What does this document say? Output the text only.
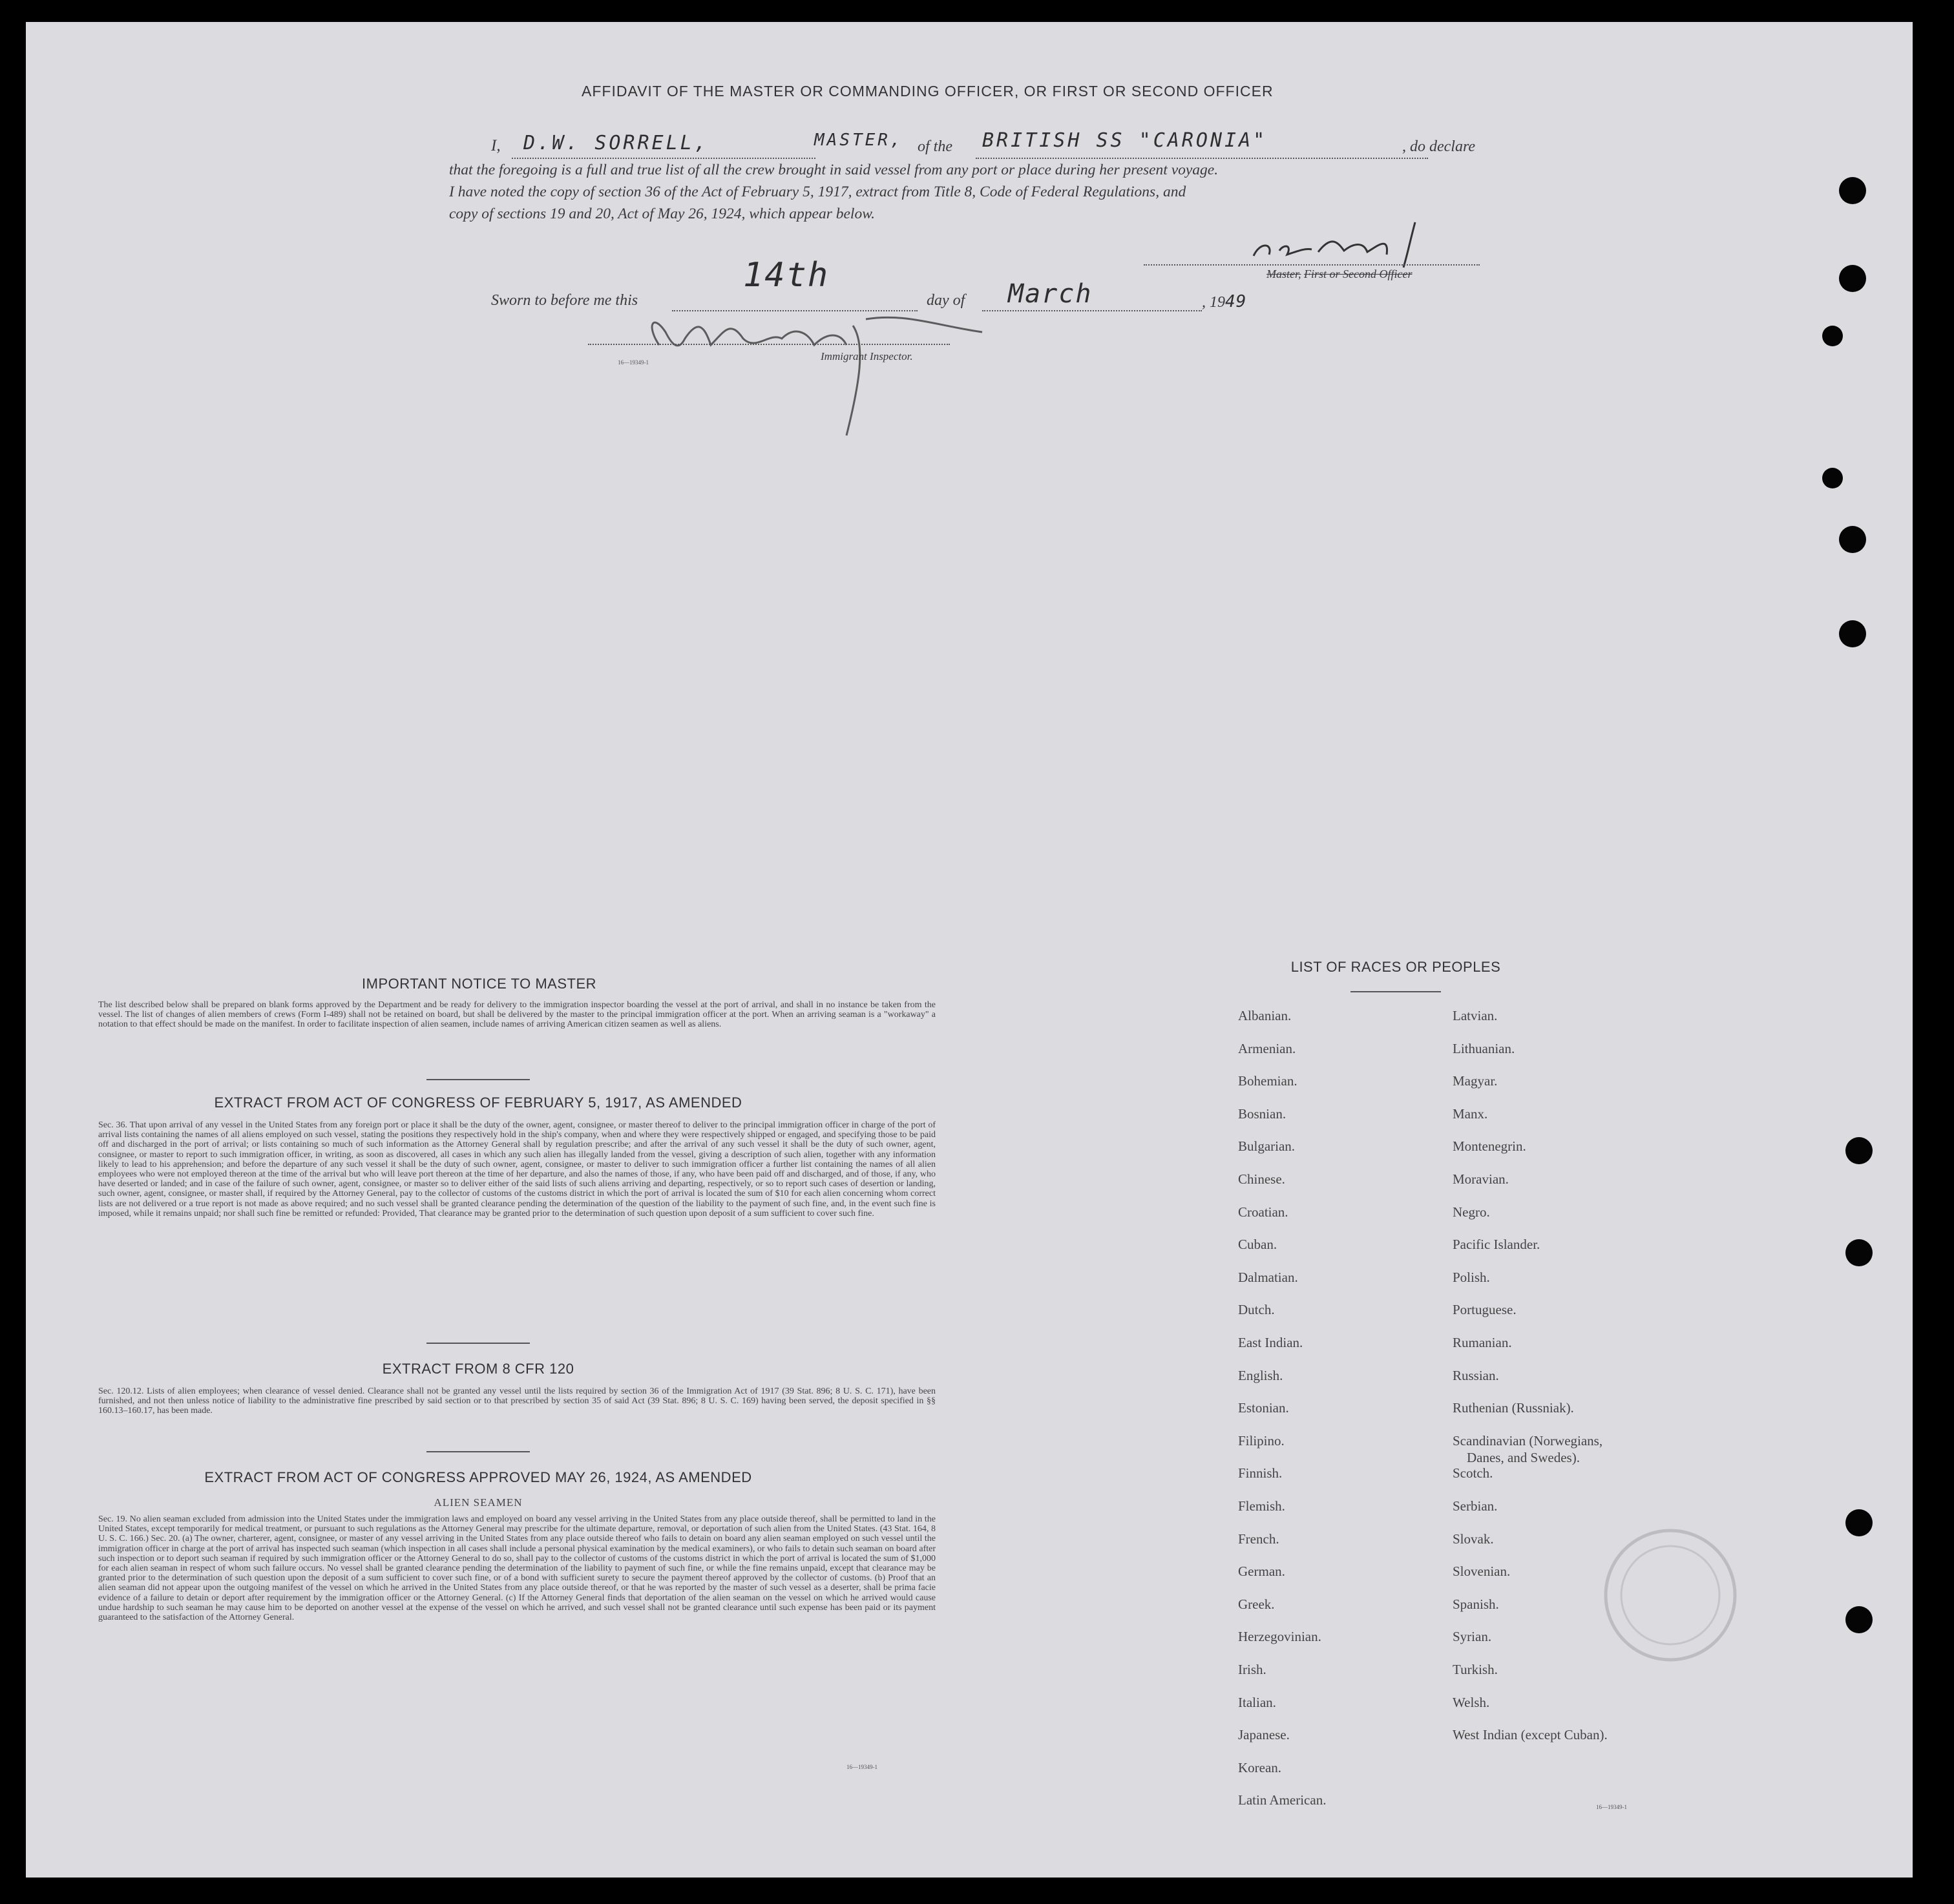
AFFIDAVIT OF THE MASTER OR COMMANDING OFFICER, OR FIRST OR SECOND OFFICER
I, D.W. SORRELL,	MASTER, of the BRITISH SS "CARONIA"	, do declare
that the foregoing is a full and true list of all the crew brought in said vessel from any port or place during her present voyage.
I have noted the copy of section 36 of the Act of February 5, 1917, extract from Title 8, Code of Federal Regulations, and
copy of sections 19 and 20, Act of May 26, 1924, which appear below.
Master, First or Second Officer
Sworn to before me this
14th
day of March	, 1949
16—19349-1	Immigrant Inspector.
IMPORTANT NOTICE TO MASTER
The list described below shall be prepared on blank forms approved by the Department and be ready for delivery to the immigration inspector boarding the vessel at the port of arrival, and shall in no instance be taken from the vessel. The list of changes of alien members of crews (Form I-489) shall not be retained on board, but shall be delivered by the master to the principal immigration officer at the port. When an arriving seaman is a "workaway" a notation to that effect should be made on the manifest. In order to facilitate inspection of alien seamen, include names of arriving American citizen seamen as well as aliens.
EXTRACT FROM ACT OF CONGRESS OF FEBRUARY 5, 1917, AS AMENDED
Sec. 36. That upon arrival of any vessel in the United States from any foreign port or place it shall be the duty of the owner, agent, consignee, or master thereof to deliver to the principal immigration officer in charge of the port of arrival lists containing the names of all aliens employed on such vessel, stating the positions they respectively hold in the ship's company, when and where they were respectively shipped or engaged, and specifying those to be paid off and discharged in the port of arrival; or lists containing so much of such information as the Attorney General shall by regulation prescribe; and after the arrival of any such vessel it shall be the duty of such owner, agent, consignee, or master to report to such immigration officer, in writing, as soon as discovered, all cases in which any such alien has illegally landed from the vessel, giving a description of such alien, together with any information likely to lead to his apprehension; and before the departure of any such vessel it shall be the duty of such owner, agent, consignee, or master to deliver to such immigration officer a further list containing the names of all alien employees who were not employed thereon at the time of the arrival but who will leave port thereon at the time of her departure, and also the names of those, if any, who have been paid off and discharged, and of those, if any, who have deserted or landed; and in case of the failure of such owner, agent, consignee, or master so to deliver either of the said lists of such aliens arriving and departing, respectively, or so to report such cases of desertion or landing, such owner, agent, consignee, or master shall, if required by the Attorney General, pay to the collector of customs of the customs district in which the port of arrival is located the sum of $10 for each alien concerning whom correct lists are not delivered or a true report is not made as above required; and no such vessel shall be granted clearance pending the determination of the question of the liability to the payment of such fine, and, in the event such fine is imposed, while it remains unpaid; nor shall such fine be remitted or refunded: Provided, That clearance may be granted prior to the determination of such question upon deposit of a sum sufficient to cover such fine.
EXTRACT FROM 8 CFR 120
Sec. 120.12. Lists of alien employees; when clearance of vessel denied. Clearance shall not be granted any vessel until the lists required by section 36 of the Immigration Act of 1917 (39 Stat. 896; 8 U. S. C. 171), have been furnished, and not then unless notice of liability to the administrative fine prescribed by said section or to that prescribed by section 35 of said Act (39 Stat. 896; 8 U. S. C. 169) having been served, the deposit specified in §§ 160.13–160.17, has been made.
EXTRACT FROM ACT OF CONGRESS APPROVED MAY 26, 1924, AS AMENDED
ALIEN SEAMEN
Sec. 19. No alien seaman excluded from admission into the United States under the immigration laws and employed on board any vessel arriving in the United States from any place outside thereof, shall be permitted to land in the United States, except temporarily for medical treatment, or pursuant to such regulations as the Attorney General may prescribe for the ultimate departure, removal, or deportation of such alien from the United States. (43 Stat. 164, 8 U. S. C. 166.) Sec. 20. (a) The owner, charterer, agent, consignee, or master of any vessel arriving in the United States from any place outside thereof who fails to detain on board any alien seaman employed on such vessel until the immigration officer in charge at the port of arrival has inspected such seaman (which inspection in all cases shall include a personal physical examination by the medical examiners), or who fails to detain such seaman on board after such inspection or to deport such seaman if required by such immigration officer or the Attorney General to do so, shall pay to the collector of customs of the customs district in which the port of arrival is located the sum of $1,000 for each alien seaman in respect of whom such failure occurs. No vessel shall be granted clearance pending the determination of the liability to payment of such fine, or while the fine remains unpaid, except that clearance may be granted prior to the determination of such question upon the deposit of a sum sufficient to cover such fine, or of a bond with sufficient surety to secure the payment thereof approved by the collector of customs. (b) Proof that an alien seaman did not appear upon the outgoing manifest of the vessel on which he arrived in the United States from any place outside thereof, or that he was reported by the master of such vessel as a deserter, shall be prima facie evidence of a failure to detain or deport after requirement by the immigration officer or the Attorney General. (c) If the Attorney General finds that deportation of the alien seaman on the vessel on which he arrived would cause undue hardship to such seaman he may cause him to be deported on another vessel at the expense of the vessel on which he arrived, and such vessel shall not be granted clearance until such expense has been paid or its payment guaranteed to the satisfaction of the Attorney General.
16—19349-1
LIST OF RACES OR PEOPLES
16—19349-1
Albanian.
Armenian.
Bohemian.
Bosnian.
Bulgarian.
Chinese.
Croatian.
Cuban.
Dalmatian.
Dutch.
East Indian.
English.
Estonian.
Filipino.
Finnish.
Flemish.
French.
German.
Greek.
Herzegovinian.
Irish.
Italian.
Japanese.
Korean.
Latin American.
Latvian.
Lithuanian.
Magyar.
Manx.
Montenegrin.
Moravian.
Negro.
Pacific Islander.
Polish.
Portuguese.
Rumanian.
Russian.
Ruthenian (Russniak).
Scandinavian (Norwegians,
Danes, and Swedes).
Scotch.
Serbian.
Slovak.
Slovenian.
Spanish.
Syrian.
Turkish.
Welsh.
West Indian (except Cuban).
